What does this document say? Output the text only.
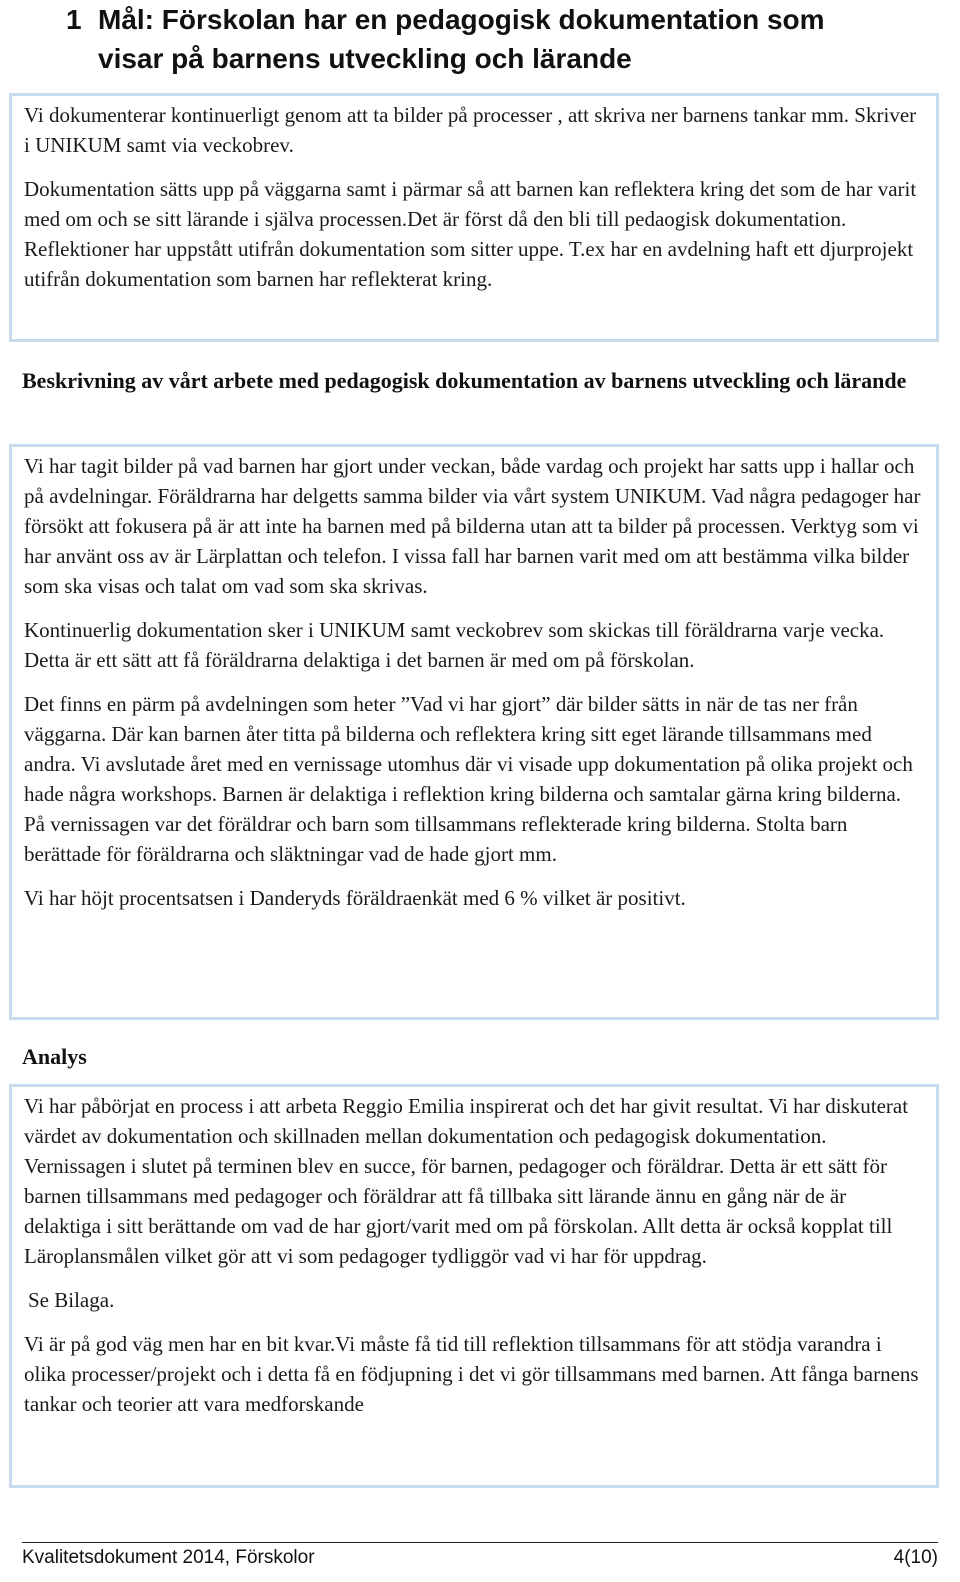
1 Mål: Förskolan har en pedagogisk dokumentation som
visar på barnens utveckling och lärande

Vi dokumenterar kontinuerligt genom att ta bilder på processer , att skriva ner barnens tankar mm. Skriver i UNIKUM samt via veckobrev.

Dokumentation sätts upp på väggarna samt i pärmar så att barnen kan reflektera kring det som de har varit med om och se sitt lärande i själva processen.Det är först då den bli till pedaogisk dokumentation. Reflektioner har uppstått utifrån dokumentation som sitter uppe. T.ex har en avdelning haft ett djurprojekt utifrån dokumentation som barnen har reflekterat kring.

Beskrivning av vårt arbete med pedagogisk dokumentation av barnens utveckling och lärande

Vi har tagit bilder på vad barnen har gjort under veckan, både vardag och projekt har satts upp i hallar och på avdelningar. Föräldrarna har delgetts samma bilder via vårt system UNIKUM. Vad några pedagoger har försökt att fokusera på är att inte ha barnen med på bilderna utan att ta bilder på processen. Verktyg som vi har använt oss av är Lärplattan och telefon. I vissa fall har barnen varit med om att bestämma vilka bilder som ska visas och talat om vad som ska skrivas.

Kontinuerlig dokumentation sker i UNIKUM samt veckobrev som skickas till föräldrarna varje vecka. Detta är ett sätt att få föräldrarna delaktiga i det barnen är med om på förskolan.

Det finns en pärm på avdelningen som heter ”Vad vi har gjort” där bilder sätts in när de tas ner från väggarna. Där kan barnen åter titta på bilderna och reflektera kring sitt eget lärande tillsammans med andra. Vi avslutade året med en vernissage utomhus där vi visade upp dokumentation på olika projekt och hade några workshops. Barnen är delaktiga i reflektion kring bilderna och samtalar gärna kring bilderna. På vernissagen var det föräldrar och barn som tillsammans reflekterade kring bilderna. Stolta barn berättade för föräldrarna och släktningar vad de hade gjort mm.

Vi har höjt procentsatsen i Danderyds föräldraenkät med 6 % vilket är positivt.

Analys

Vi har påbörjat en process i att arbeta Reggio Emilia inspirerat och det har givit resultat. Vi har diskuterat värdet av dokumentation och skillnaden mellan dokumentation och pedagogisk dokumentation. Vernissagen i slutet på terminen blev en succe, för barnen, pedagoger och föräldrar. Detta är ett sätt för barnen tillsammans med pedagoger och föräldrar att få tillbaka sitt lärande ännu en gång när de är delaktiga i sitt berättande om vad de har gjort/varit med om på förskolan. Allt detta är också kopplat till Läroplansmålen vilket gör att vi som pedagoger tydliggör vad vi har för uppdrag.

Se Bilaga.

Vi är på god väg men har en bit kvar.Vi måste få tid till reflektion tillsammans för att stödja varandra i olika processer/projekt och i detta få en födjupning i det vi gör tillsammans med barnen. Att fånga barnens tankar och teorier att vara medforskande

Kvalitetsdokument 2014, Förskolor	4(10)
